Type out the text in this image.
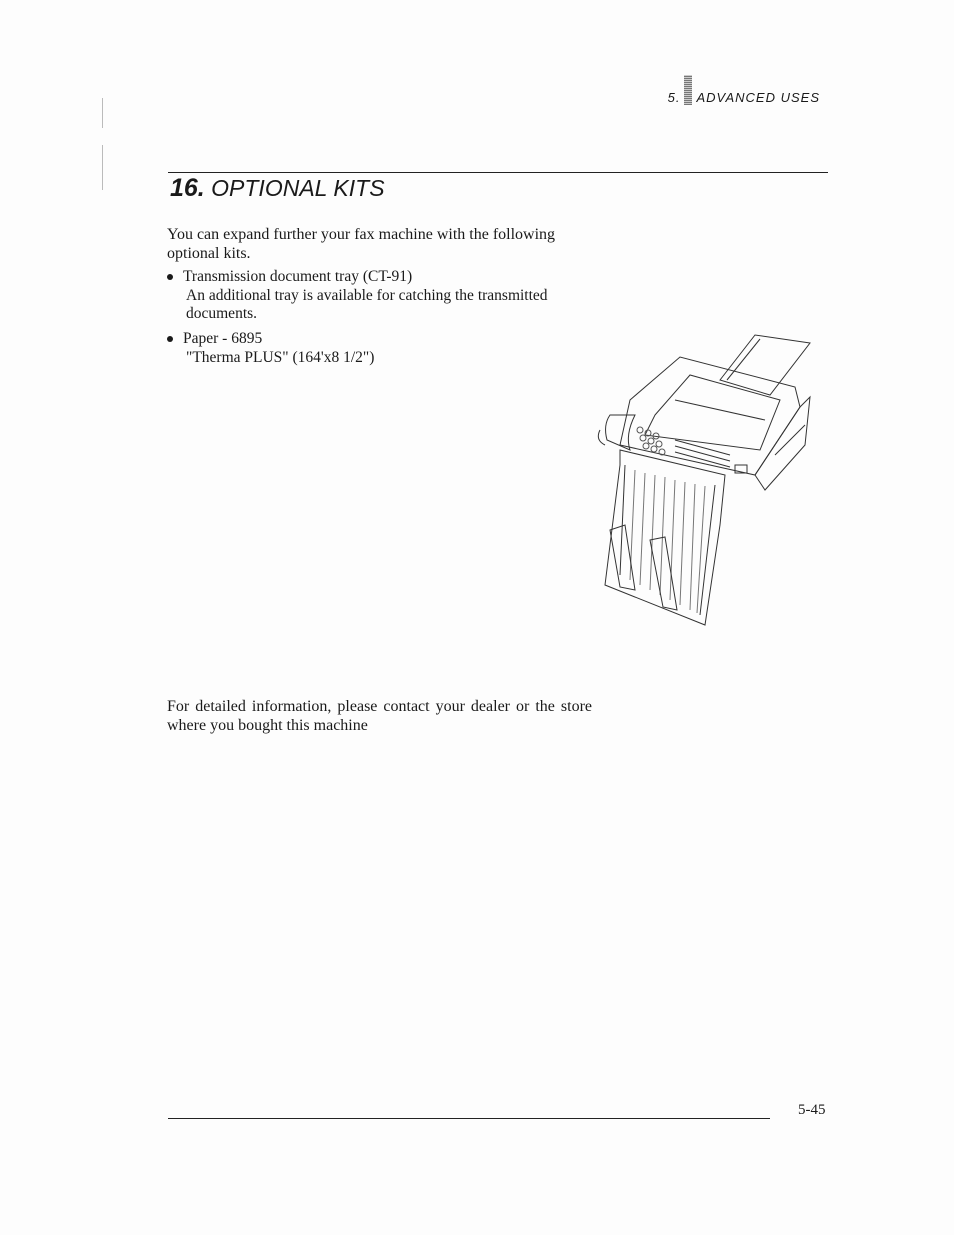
5. ADVANCED USES
16. OPTIONAL KITS
You can expand further your fax machine with the following optional kits.
Transmission document tray (CT-91)
An additional tray is available for catching the transmitted documents.
Paper - 6895
"Therma PLUS" (164'x8 1/2")
For detailed information, please contact your dealer or the store where you bought this machine
5-45
